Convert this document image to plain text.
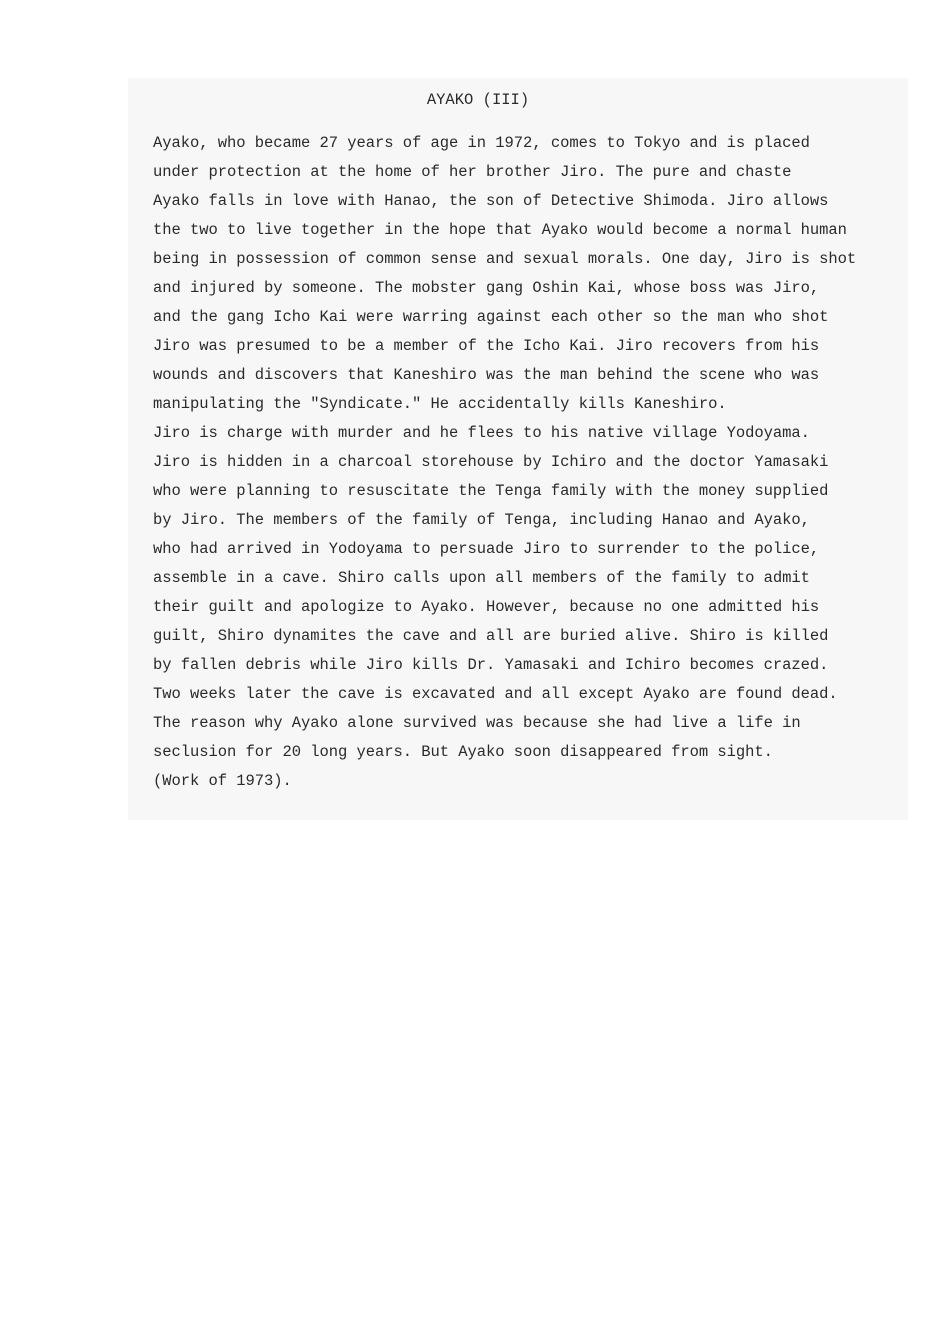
AYAKO (III)
Ayako, who became 27 years of age in 1972, comes to Tokyo and is placed
under protection at the home of her brother Jiro. The pure and chaste
Ayako falls in love with Hanao, the son of Detective Shimoda. Jiro allows
the two to live together in the hope that Ayako would become a normal human
being in possession of common sense and sexual morals. One day, Jiro is shot
and injured by someone. The mobster gang Oshin Kai, whose boss was Jiro,
and the gang Icho Kai were warring against each other so the man who shot
Jiro was presumed to be a member of the Icho Kai. Jiro recovers from his
wounds and discovers that Kaneshiro was the man behind the scene who was
manipulating the "Syndicate." He accidentally kills Kaneshiro.
Jiro is charge with murder and he flees to his native village Yodoyama.
Jiro is hidden in a charcoal storehouse by Ichiro and the doctor Yamasaki
who were planning to resuscitate the Tenga family with the money supplied
by Jiro. The members of the family of Tenga, including Hanao and Ayako,
who had arrived in Yodoyama to persuade Jiro to surrender to the police,
assemble in a cave. Shiro calls upon all members of the family to admit
their guilt and apologize to Ayako. However, because no one admitted his
guilt, Shiro dynamites the cave and all are buried alive. Shiro is killed
by fallen debris while Jiro kills Dr. Yamasaki and Ichiro becomes crazed.
Two weeks later the cave is excavated and all except Ayako are found dead.
The reason why Ayako alone survived was because she had live a life in
seclusion for 20 long years. But Ayako soon disappeared from sight.
(Work of 1973).
